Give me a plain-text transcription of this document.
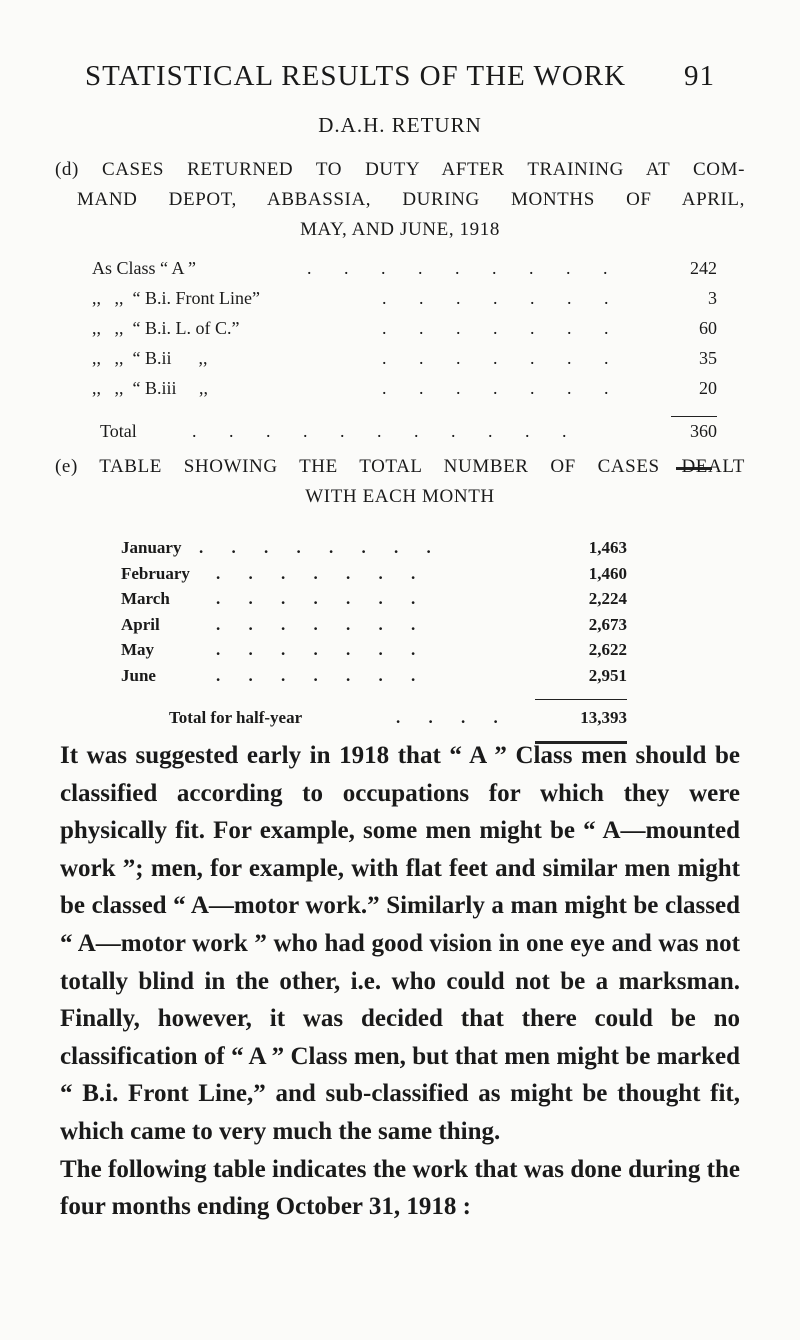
STATISTICAL RESULTS OF THE WORK 91
D.A.H. RETURN
(d) CASES RETURNED TO DUTY AFTER TRAINING AT COM-
MAND DEPOT, ABBASSIA, DURING MONTHS OF APRIL,
MAY, AND JUNE, 1918
As Class “ A ”	. . . . . . . . .	242
,,   ,,  “ B.i. Front Line”	. . . . . . .	3
,,   ,,  “ B.i. L. of C.”	. . . . . . .	60
,,   ,,  “ B.ii      ,,	. . . . . . .	35
,,   ,,  “ B.iii     ,,	. . . . . . .	20
Total	. . . . . . . . . . .	360
(e) TABLE SHOWING THE TOTAL NUMBER OF CASES DEALT
WITH EACH MONTH
January . . . . . . . .	1,463
February . . . . . . .	1,460
March	. . . . . . .	2,224
April	. . . . . . .	2,673
May	. . . . . . .	2,622
June	. . . . . . .	2,951
Total for half-year	. . . .	13,393

It was suggested early in 1918 that “ A ” Class men should be classified according to occupations for which they were physically fit. For example, some men might be “ A—mounted work ”; men, for example, with flat feet and similar men might be classed “ A—motor work.” Similarly a man might be classed “ A—motor work ” who had good vision in one eye and was not totally blind in the other, i.e. who could not be a marksman. Finally, however, it was decided that there could be no classification of “ A ” Class men, but that men might be marked “ B.i. Front Line,” and sub-classified as might be thought fit, which came to very much the same thing.

The following table indicates the work that was done during the four months ending October 31, 1918 :
